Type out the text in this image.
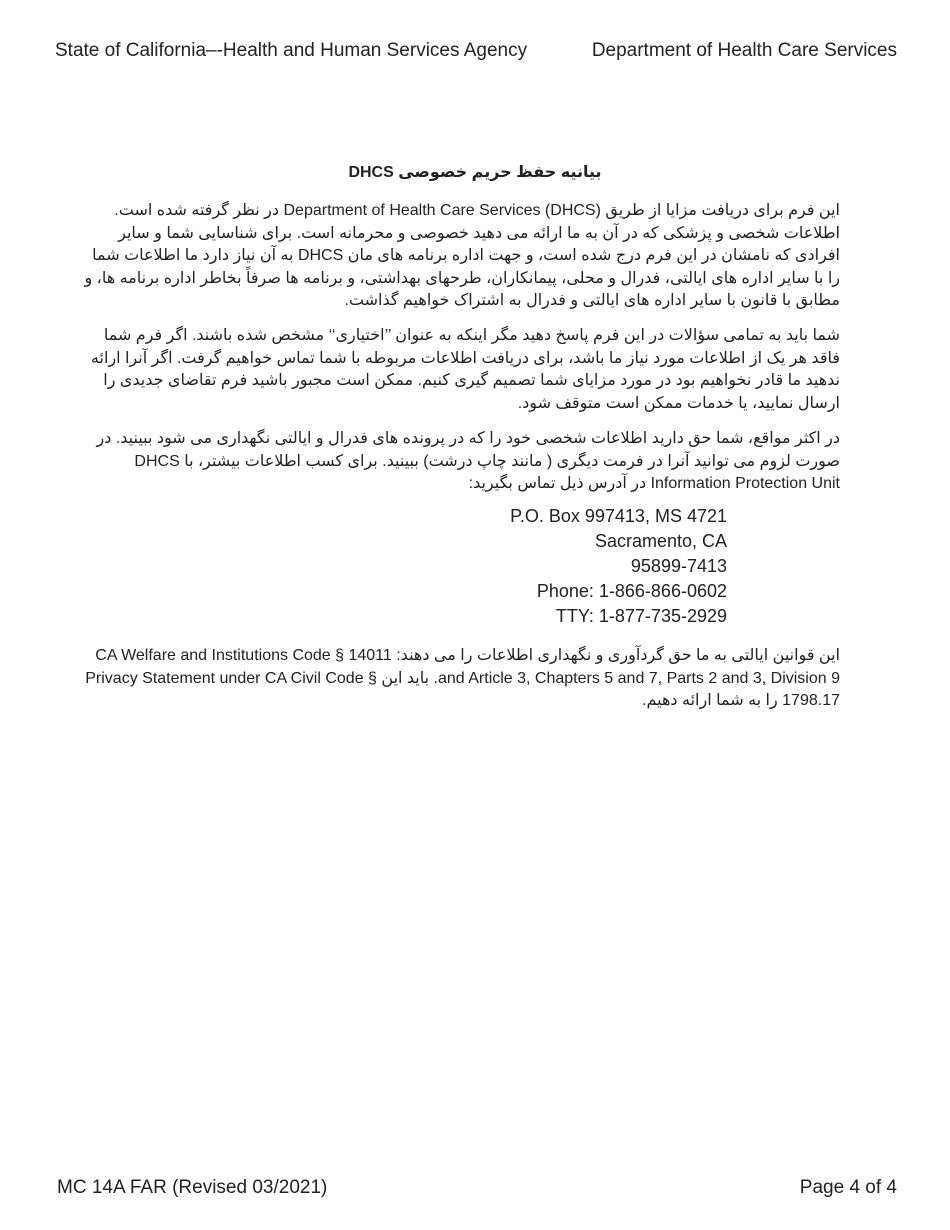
State of California–-Health and Human Services Agency	Department of Health Care Services
بیانیه حفظ حریم خصوصی DHCS

این فرم برای دریافت مزایا از طریق Department of Health Care Services (DHCS) در نظر گرفته شده است. اطلاعات شخصی و پزشکی که در آن به ما ارائه می دهید خصوصی و محرمانه است. برای شناسایی شما و سایر افرادی که نامشان در این فرم درج شده است، و جهت اداره برنامه های مان DHCS به آن نیاز دارد ما اطلاعات شما را با سایر اداره های ایالتی، فدرال و محلی، پیمانکاران، طرحهای بهداشتی، و برنامه ها صرفاً بخاطر اداره برنامه ها، و مطابق با قانون با سایر اداره های ایالتی و فدرال به اشتراک خواهیم گذاشت.

شما باید به تمامی سؤالات در این فرم پاسخ دهید مگر اینکه به عنوان ’’اختیاری‘‘ مشخص شده باشند. اگر فرم شما فاقد هر یک از اطلاعات مورد نیاز ما باشد، برای دریافت اطلاعات مربوطه با شما تماس خواهیم گرفت. اگر آنرا ارائه ندهید ما قادر نخواهیم بود در مورد مزایای شما تصمیم گیری کنیم. ممکن است مجبور باشید فرم تقاضای جدیدی را ارسال نمایید، یا خدمات ممکن است متوقف شود.

در اکثر مواقع، شما حق دارید اطلاعات شخصی خود را که در پرونده های فدرال و ایالتی نگهداری می شود ببینید. در صورت لزوم می توانید آنرا در فرمت دیگری ( مانند چاپ درشت) ببینید. برای کسب اطلاعات بیشتر، با DHCS Information Protection Unit در آدرس ذیل تماس بگیرید:

P.O. Box 997413, MS 4721
Sacramento, CA
95899-7413
Phone: 1-866-866-0602
TTY: 1-877-735-2929

این قوانین ایالتی به ما حق گردآوری و نگهداری اطلاعات را می دهند: CA Welfare and Institutions Code § 14011 and Article 3, Chapters 5 and 7, Parts 2 and 3, Division 9. باید این Privacy Statement under CA Civil Code § 1798.17 را به شما ارائه دهیم.

MC 14A FAR (Revised 03/2021)	Page 4 of 4
